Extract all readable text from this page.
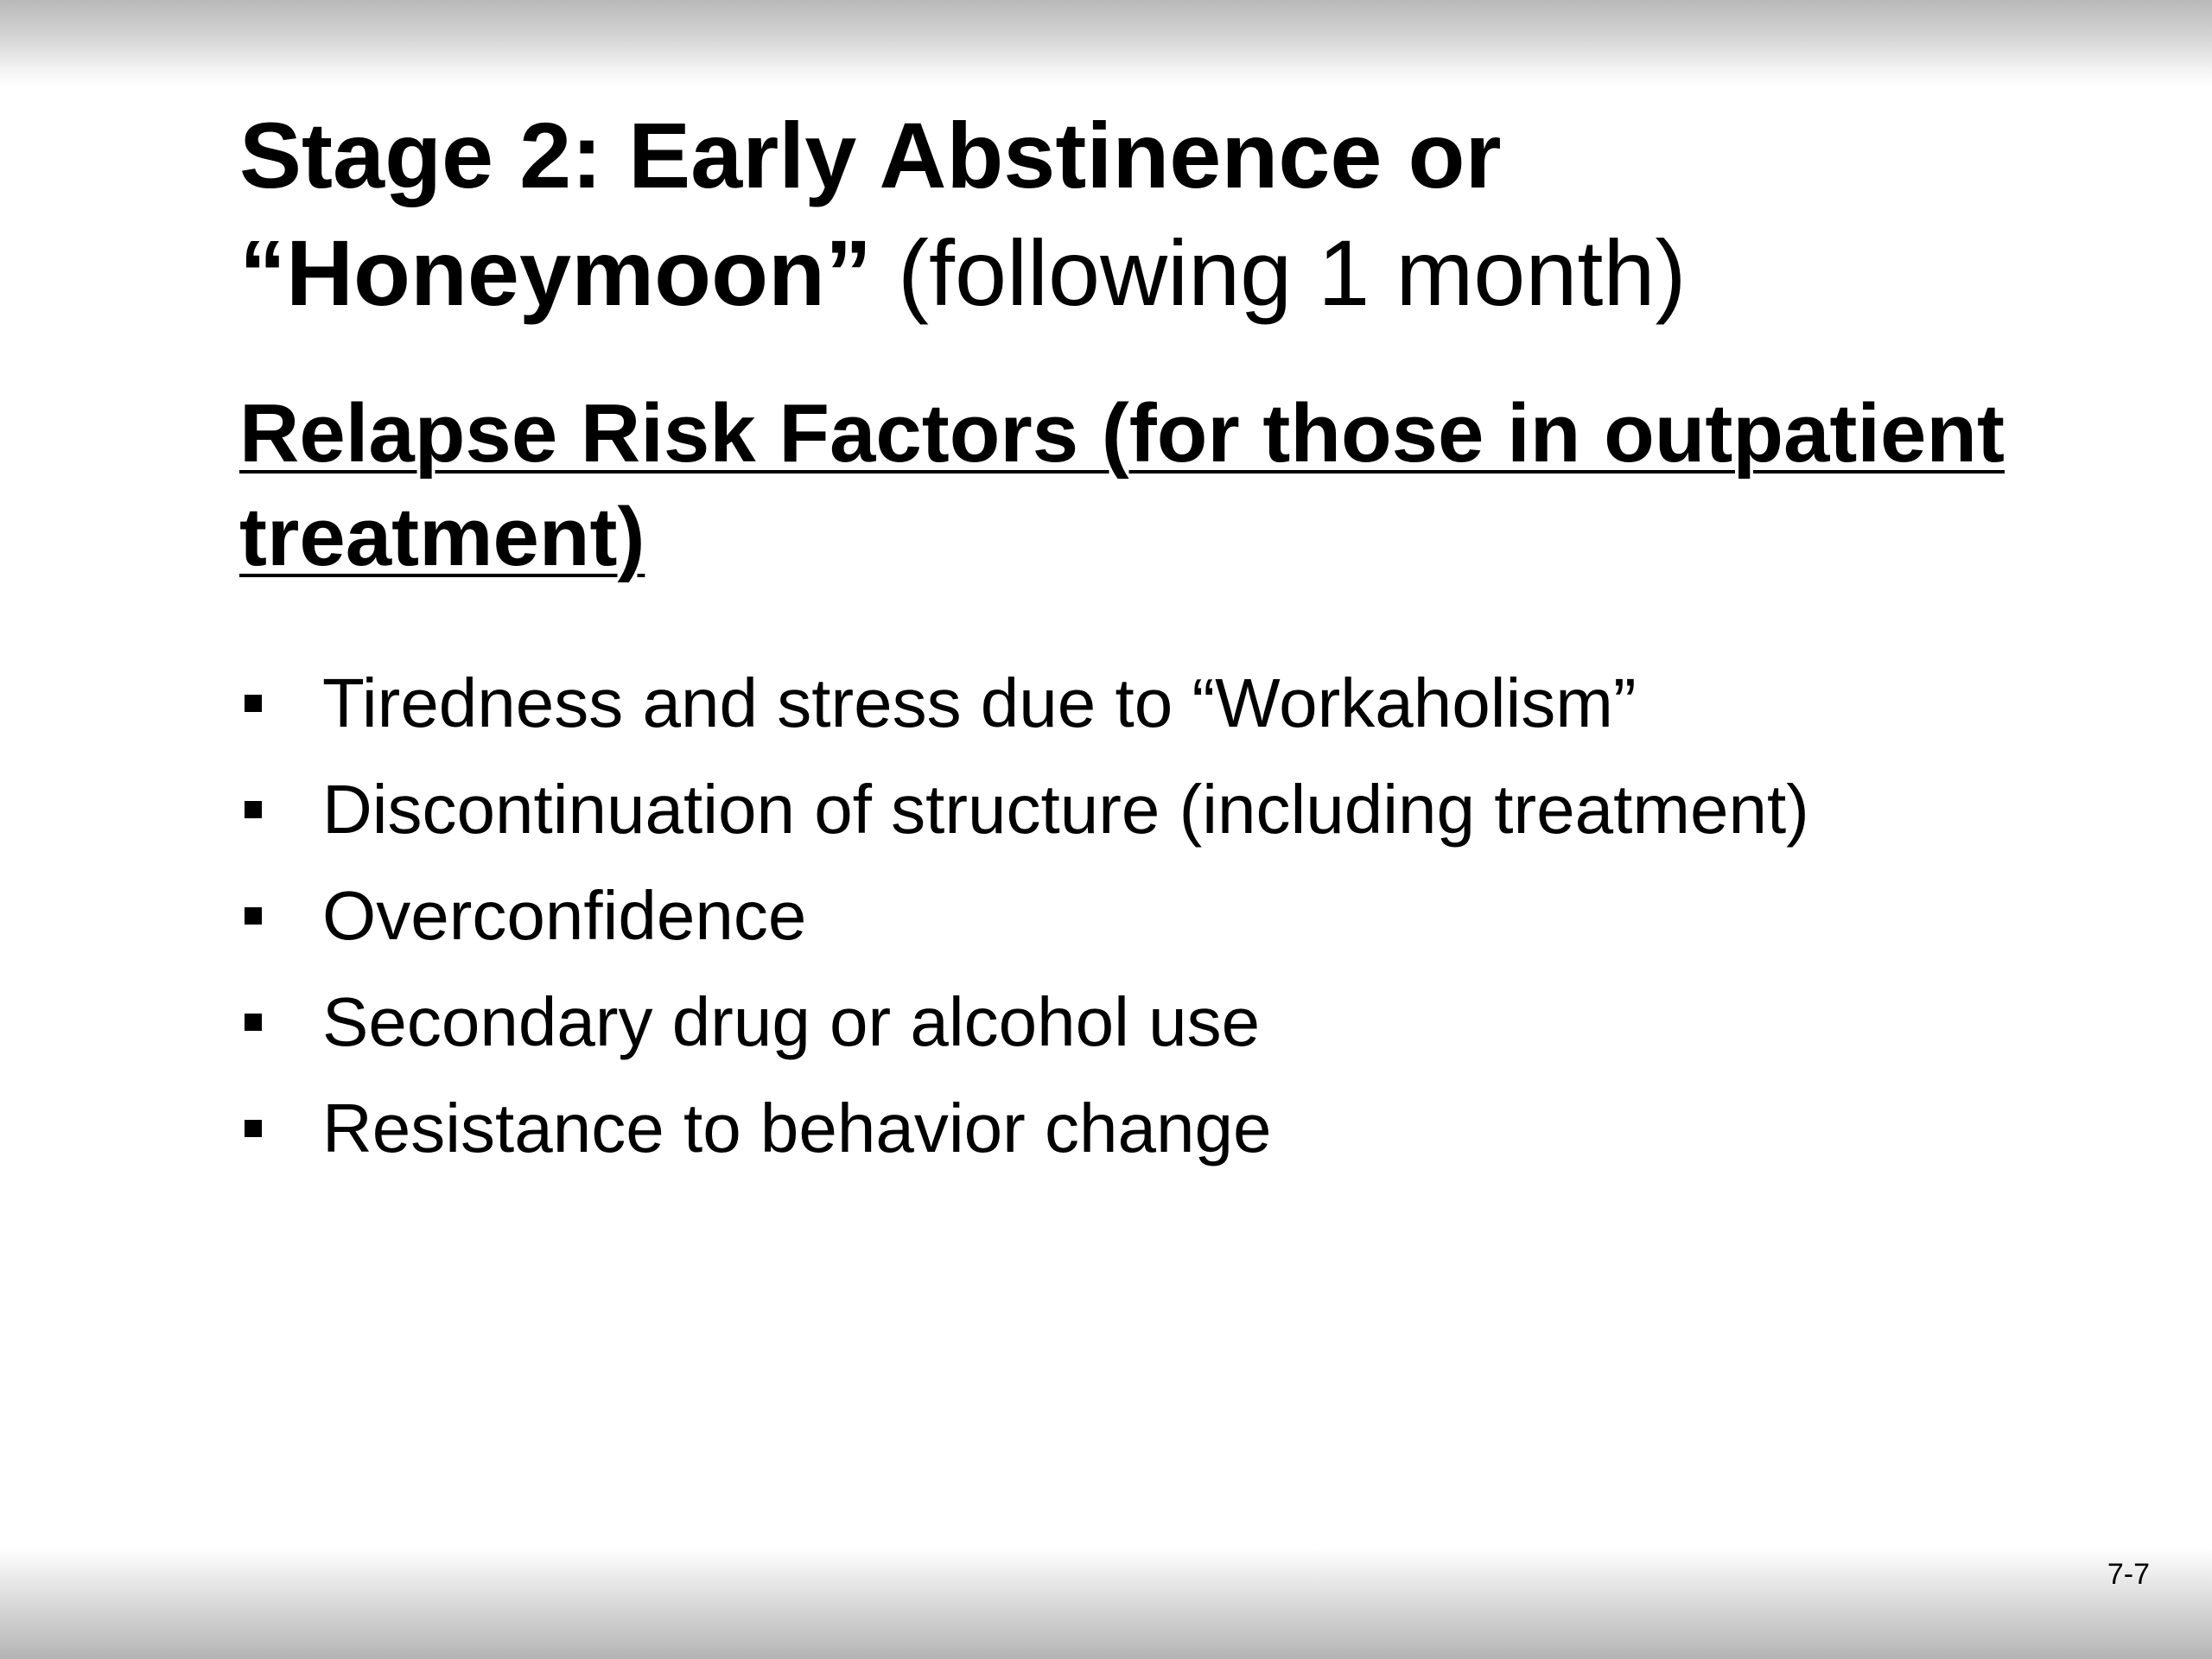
Stage 2: Early Abstinence or “Honeymoon” (following 1 month)
Relapse Risk Factors (for those in outpatient treatment)
Tiredness and stress due to “Workaholism”
Discontinuation of structure (including treatment)
Overconfidence
Secondary drug or alcohol use
Resistance to behavior change
7-7
